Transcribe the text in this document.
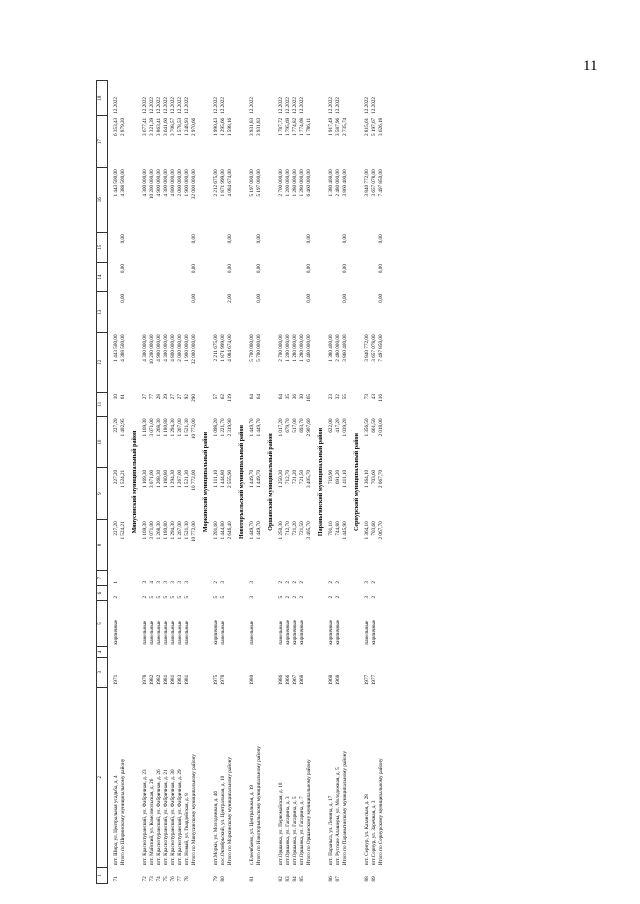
11
1	2	3	4	5	6	7	8	9	10	11	12	13	14	15	16	17	18

71	пгт. Шира, ул. Центральная усадьба, д. 4	1971		кирпичные	2	1	227,20	227,20	227,20	10	1 443 500,00				1 443 500,00	6 353,43	12.2022
	Итого по Ширинскому муниципальному району						1 524,21	1 524,21	1 402,95	61	4 388 500,00	0,00	0,00	0,00	4 388 500,00	2 879,20	
Минусинский муниципальный район																	
72	пгт. Краснотуранский, ул. Фабричная, д. 23	1978		панельные	2	3	1 169,30	1 169,30	1 169,30	27	4 300 000,00				4 300 000,00	3 677,41	12.2022
73	пгт. Майский, ул. Комсомольская, д. 26	1982		панельные	5	4	3 071,00	3 071,00	3 071,00	77	10 200 000,00				10 200 000,00	3 321,39	12.2022
74	пгт. Краснотуранский, ул. Фабричная, д. 26	1982		панельные	5	3	1 268,30	1 268,30	1 268,30	28	4 900 000,00				4 900 000,00	3 863,41	12.2022
75	пгт. Краснотуранский, ул. Фабричная, д. 21	1981		панельные	5	3	1 180,80	1 180,80	1 180,80	29	4 300 000,00				4 300 000,00	3 641,60	12.2022
76	пгт. Краснотуранский, ул. Фабричная, д. 30	1981		панельные	5	3	1 294,30	1 294,30	1 294,30	27	4 800 000,00				4 800 000,00	3 708,57	12.2022
77	пгт. Краснотуранский, ул. Фабричная, д. 29	1983		панельные	5	3	1 267,00	1 267,00	1 267,00	27	2 000 000,00				2 000 000,00	1 578,53	12.2022
78	пгт. Новый, ул. Гвардейская, д. 8	1981		панельные	5	3	1 521,30	1 521,30	1 521,30	92	1 900 000,00				1 900 000,00	1 248,93	12.2022
	Итого по Минусинскому муниципальному району						10 772,00	10 772,00	10 772,00	290	32 000 000,00	0,00	0,00	0,00	32 000 000,00	2 970,66	
Моркинский муниципальный район																	
79	пгт.Морки, ул. Молодежная, д. 46	1975		кирпичные	5	2	1 201,60	1 111,10	1 098,20	57	2 211 675,00				2 212 675,00	1 990,43	12.2022
80	пос.Октябрьский, ул. Центральная, д. 10	1978		панельные	5	3	1 444,80	1 444,80	1 221,70	62	1 871 999,00				1 871 999,00	1 295,66	12.2022
	Итого по Моркинскому муниципальному району						2 646,40	2 555,90	2 319,90	119	4 084 674,00	2,00	0,00	0,00	4 084 674,00	1 598,16	
Новоторъяльский муниципальный район																	
81	с.Елеевбаево, ул. Центральная, д. 19	1980		панельные	3	3	1 449,70	1 449,70	1 449,70	64	5 700 000,00				5 197 000,00	3 931,83	12.2022
	Итого по Новоторъяльскому муниципальному району						1 449,70	1 449,70	1 449,70	64	5 700 000,00	0,00	0,00	0,00	5 197 000,00	3 931,83	
Оршанский муниципальный район																	
82	пгт.Оршанка, ул. Первомайская, д. 10	1986		панельные	5	2	1 250,30	1 250,30	1 017,20	64	2 700 000,00				2 700 000,00	1 787,72	12.2022
83	пгт.Оршанка, ул. Гагарина, д. 3	1966		кирпичные	2	2	712,70	712,70	679,70	35	1 200 000,00				1 200 000,00	1 795,69	12.2022
84	пгт.Оршанка, ул. Гагарина, д. 5	1967		кирпичные	2	2	721,20	721,20	517,00	36	1 280 000,00				1 280 000,00	1 774,82	12.2022
85	пгт.Оршанка, ул. Гагарина, д. 7	1968		кирпичные	2	2	721,50	721,50	693,70	30	1 280 000,00				1 280 000,00	1 774,08	12.2022
	Итого по Оршанскому муниципальному району						3 405,70	3 405,70	2 907,60	165	6 460 000,00	0,00	0,00	0,00	6 460 000,00	1 786,11	
Параньгинский муниципальный район																	
86	пгт. Параньга, ул. Ленина, д. 17	1968		кирпичные	2	2	701,10	719,90	622,00	23	1 380 400,00				1 380 400,00	1 917,49	12.2022
87	пгт. Русские Алашеры, ул. Молодежная, д. 5	1968		кирпичные	2	2	744,80	691,20	417,20	32	2 480 000,00				2 480 000,00	3 587,96	12.2022
	Итого по Параньгинскому муниципальному району						1 445,90	1 411,10	1 039,20	55	3 860 400,00	0,00	0,00	0,00	3 860 400,00	2 735,74	
Сернурский муниципальный район																	
88	пгт. Сернур, ул. Казанская, д. 28	1977		панельные	3	3	1 364,10	1 364,10	1 356,50	73	3 840 772,00				3 840 772,00	2 815,61	12.2022
89	пгт.Сернур, ул. Заречная, д. 3	1977		кирпичные	2	2	703,60	703,60	661,50	43	3 657 078,00				3 657 078,00	5 197,67	12.2022
	Итого по Сернурскому муниципальному району						2 067,70	2 067,70	2 018,00	116	7 497 850,00	0,00	0,00	0,00	7 497 850,00	3 626,18	
